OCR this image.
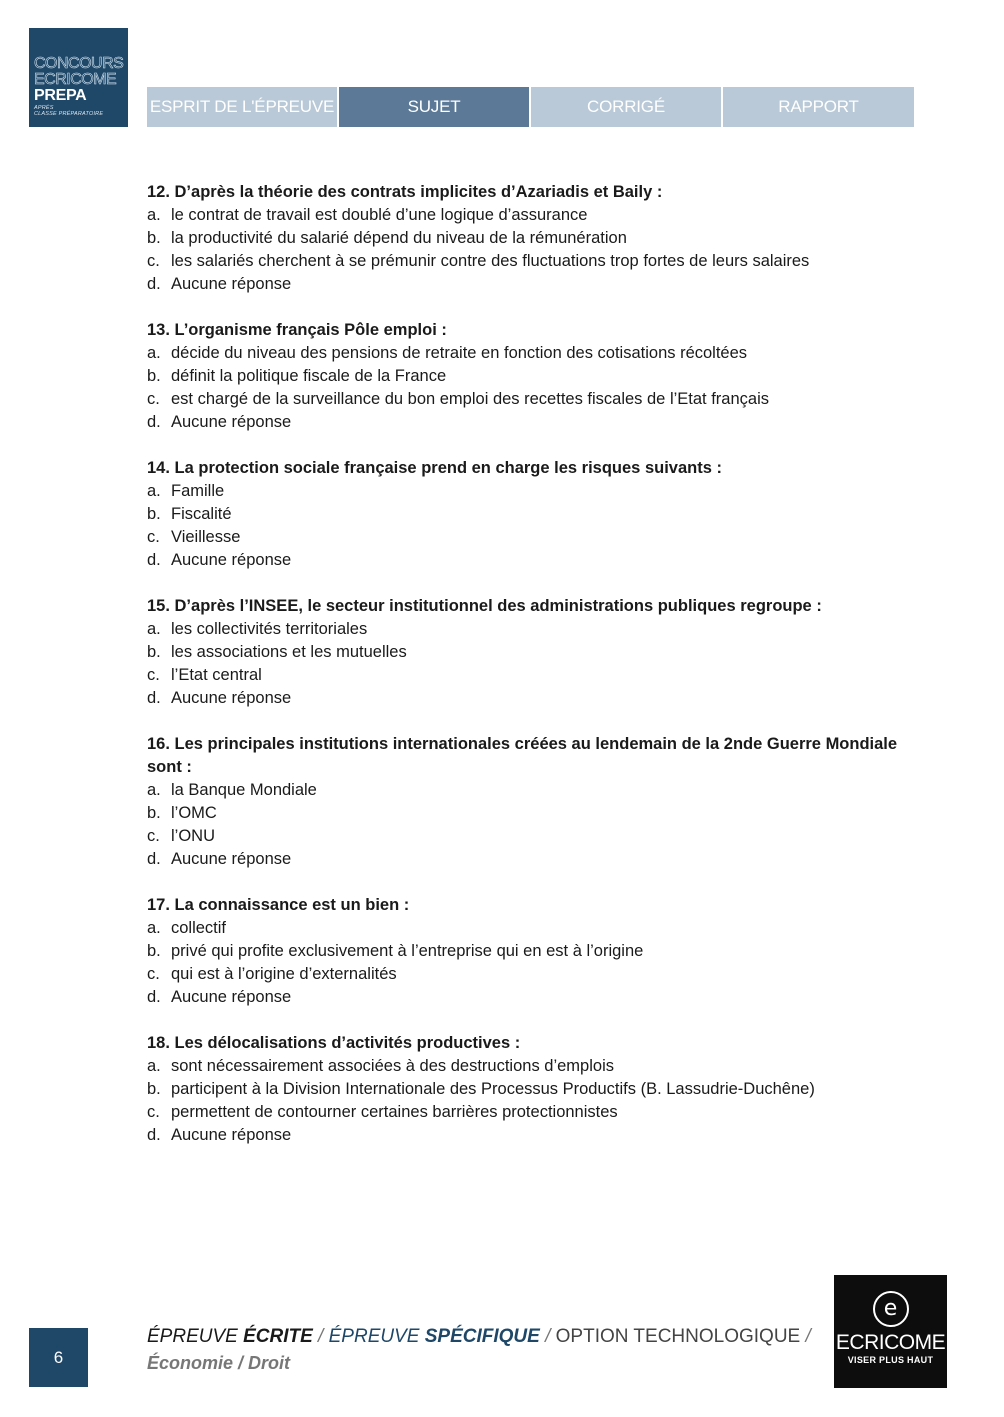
CONCOURS
ECRICOME
PREPA
APRÈS
CLASSE PRÉPARATOIRE	ESPRIT DE L'ÉPREUVE	SUJET	CORRIGÉ	RAPPORT
12. D’après la théorie des contrats implicites d’Azariadis et Baily :
a. le contrat de travail est doublé d’une logique d’assurance
b. la productivité du salarié dépend du niveau de la rémunération
c. les salariés cherchent à se prémunir contre des fluctuations trop fortes de leurs salaires
d. Aucune réponse
13. L’organisme français Pôle emploi :
a. décide du niveau des pensions de retraite en fonction des cotisations récoltées
b. définit la politique fiscale de la France
c. est chargé de la surveillance du bon emploi des recettes fiscales de l’Etat français
d. Aucune réponse
14. La protection sociale française prend en charge les risques suivants :
a. Famille
b. Fiscalité
c. Vieillesse
d. Aucune réponse
15. D’après l’INSEE, le secteur institutionnel des administrations publiques regroupe :
a. les collectivités territoriales
b. les associations et les mutuelles
c. l’Etat central
d. Aucune réponse
16. Les principales institutions internationales créées au lendemain de la 2nde Guerre Mondiale sont :
a. la Banque Mondiale
b. l’OMC
c. l’ONU
d. Aucune réponse
17. La connaissance est un bien :
a. collectif
b. privé qui profite exclusivement à l’entreprise qui en est à l’origine
c. qui est à l’origine d’externalités
d. Aucune réponse
18. Les délocalisations d’activités productives :
a. sont nécessairement associées à des destructions d’emplois
b. participent à la Division Internationale des Processus Productifs (B. Lassudrie-Duchêne)
c. permettent de contourner certaines barrières protectionnistes
d. Aucune réponse
6
ÉPREUVE ÉCRITE / ÉPREUVE SPÉCIFIQUE / OPTION TECHNOLOGIQUE /
Économie / Droit
e
ECRICOME
VISER PLUS HAUT
